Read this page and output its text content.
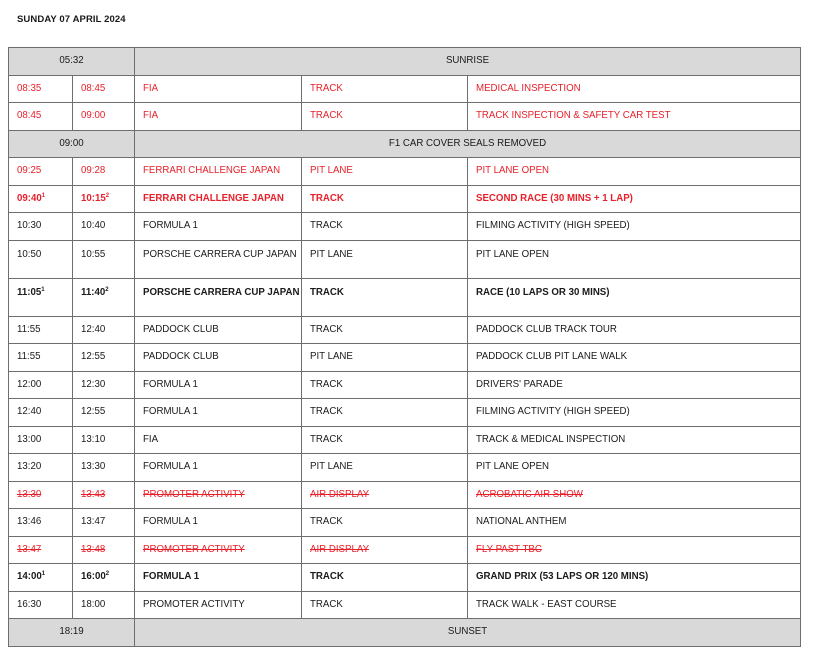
SUNDAY 07 APRIL 2024
05:32		SUNRISE		
08:35	08:45	FIA	TRACK	MEDICAL INSPECTION
08:45	09:00	FIA	TRACK	TRACK INSPECTION & SAFETY CAR TEST
09:00		F1 CAR COVER SEALS REMOVED		
09:25	09:28	FERRARI CHALLENGE JAPAN	PIT LANE	PIT LANE OPEN
$09:40^1$	$10:15^2$	FERRARI CHALLENGE JAPAN	TRACK	SECOND RACE (30 MINS + 1 LAP)
10:30	10:40	FORMULA 1	TRACK	FILMING ACTIVITY (HIGH SPEED)
10:50	10:55	PORSCHE CARRERA CUP JAPAN	PIT LANE	PIT LANE OPEN
$11:05^1$	$11:40^2$	PORSCHE CARRERA CUP JAPAN	TRACK	RACE (10 LAPS OR 30 MINS)
11:55	12:40	PADDOCK CLUB	TRACK	PADDOCK CLUB TRACK TOUR
11:55	12:55	PADDOCK CLUB	PIT LANE	PADDOCK CLUB PIT LANE WALK
12:00	12:30	FORMULA 1	TRACK	DRIVERS' PARADE
12:40	12:55	FORMULA 1	TRACK	FILMING ACTIVITY (HIGH SPEED)
13:00	13:10	FIA	TRACK	TRACK & MEDICAL INSPECTION
13:20	13:30	FORMULA 1	PIT LANE	PIT LANE OPEN
13:30	13:43	PROMOTER ACTIVITY	AIR DISPLAY	ACROBATIC AIR SHOW
13:46	13:47	FORMULA 1	TRACK	NATIONAL ANTHEM
13:47	13:48	PROMOTER ACTIVITY	AIR DISPLAY	FLY PAST TBC
$14:00^1$	$16:00^2$	FORMULA 1	TRACK	GRAND PRIX (53 LAPS OR 120 MINS)
16:30	18:00	PROMOTER ACTIVITY	TRACK	TRACK WALK - EAST COURSE
18:19		SUNSET		
